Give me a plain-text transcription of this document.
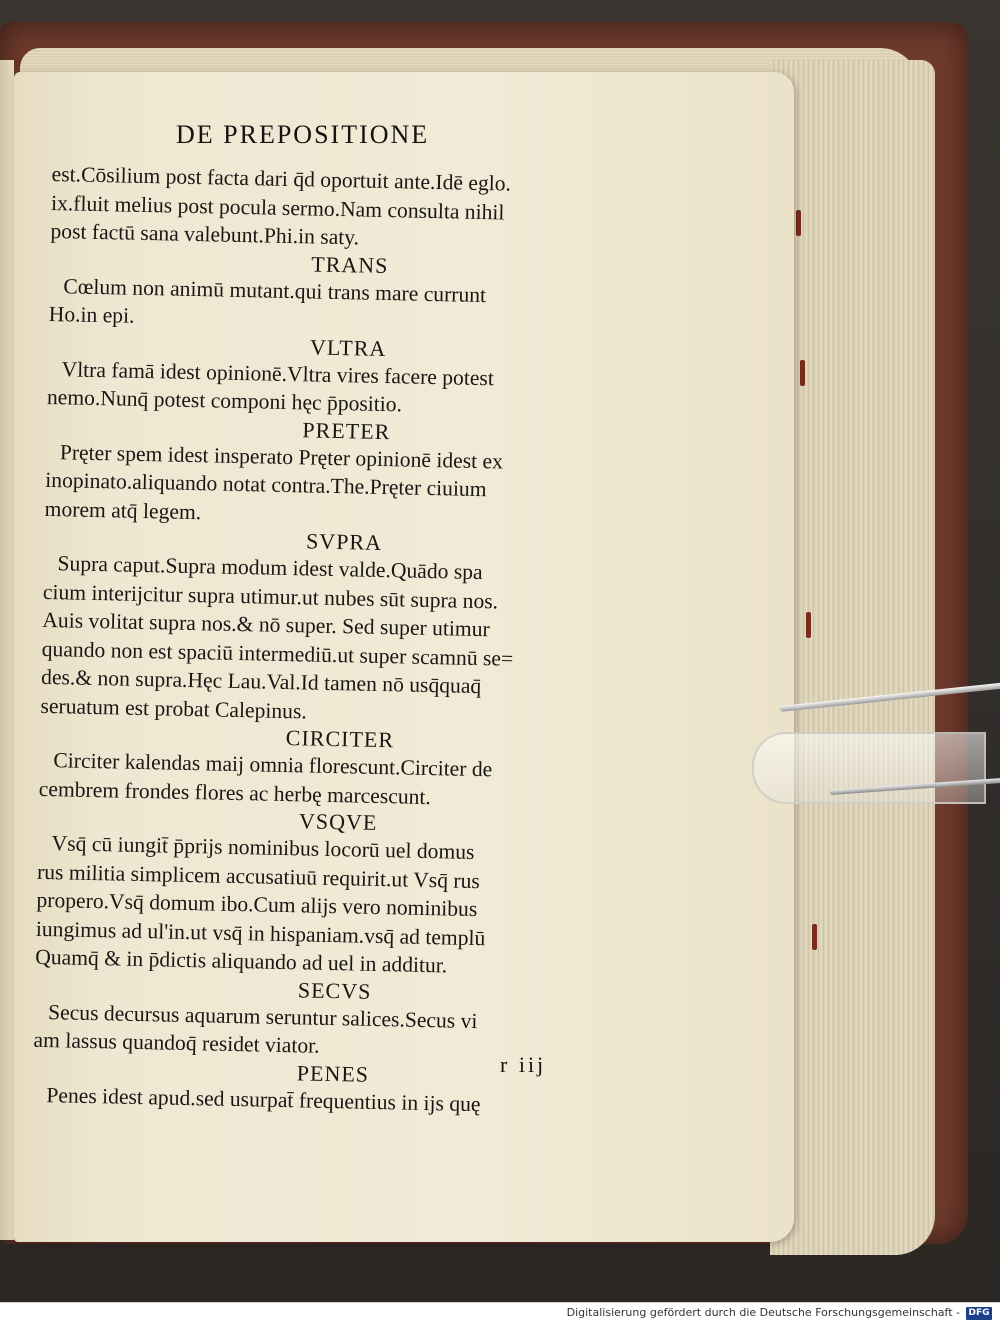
DE PREPOSITIONE
est.Cōsilium post facta dari q̄d oportuit ante.Idē eglo.
ix.fluit melius post pocula sermo.Nam consulta nihil
post factū sana valebunt.Phi.in saty.
TRANS
Cœlum non animū mutant.qui trans mare currunt
Ho.in epi.
VLTRA
Vltra famā idest opinionē.Vltra vires facere potest
nemo.Nunq̄ potest componi hęc p̄positio.
PRETER
Pręter spem idest insperato Pręter opinionē idest ex
inopinato.aliquando notat contra.The.Pręter ciuium
morem atq̄ legem.
SVPRA
Supra caput.Supra modum idest valde.Quādo spa
cium interijcitur supra utimur.ut nubes sūt supra nos.
Auis volitat supra nos.& nō super. Sed super utimur
quando non est spaciū intermediū.ut super scamnū se=
des.& non supra.Hęc Lau.Val.Id tamen nō usq̄quaq̄
seruatum est probat Calepinus.
CIRCITER
Circiter kalendas maij omnia florescunt.Circiter de
cembrem frondes flores ac herbę marcescunt.
VSQVE
Vsq̄ cū iungit̄ p̄prijs nominibus locorū uel domus
rus militia simplicem accusatiuū requirit.ut Vsq̄ rus
propero.Vsq̄ domum ibo.Cum alijs vero nominibus
iungimus ad ul'in.ut vsq̄ in hispaniam.vsq̄ ad templū
Quamq̄ & in p̄dictis aliquando ad uel in additur.
SECVS
Secus decursus aquarum seruntur salices.Secus vi
am lassus quandoq̄ residet viator.
PENES
Penes idest apud.sed usurpat̄ frequentius in ijs quę
r iij
Digitalisierung gefördert durch die Deutsche Forschungsgemeinschaft - DFG
